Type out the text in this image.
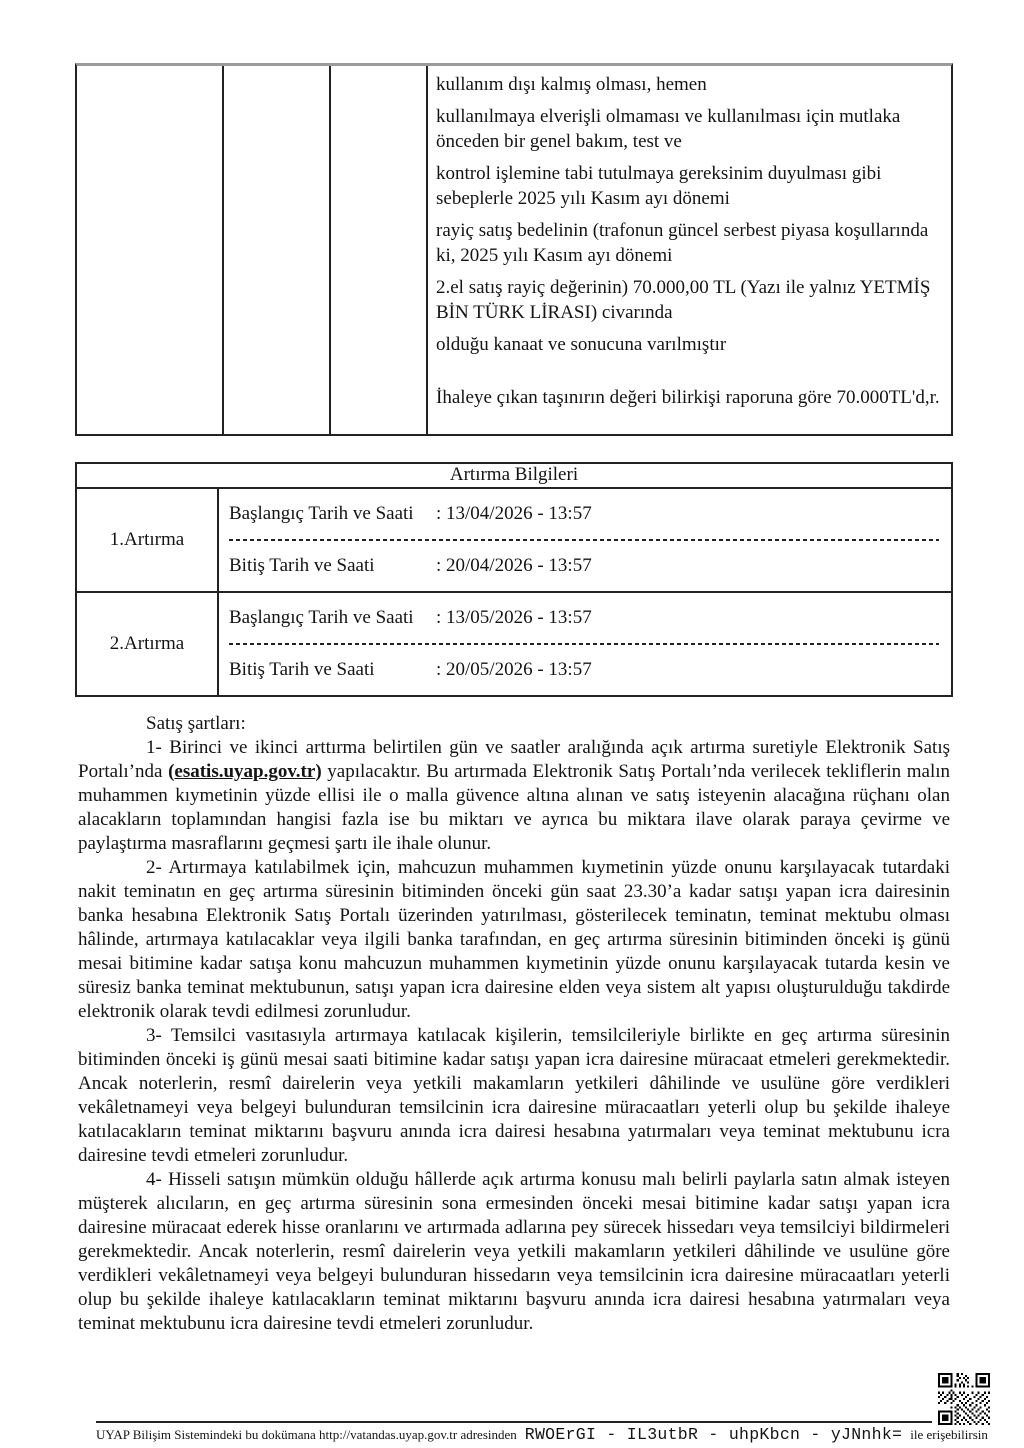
kullanım dışı kalmış olması, hemen

kullanılmaya elverişli olmaması ve kullanılması için mutlaka önceden bir genel bakım, test ve

kontrol işlemine tabi tutulmaya gereksinim duyulması gibi sebeplerle 2025 yılı Kasım ayı dönemi

rayiç satış bedelinin (trafonun güncel serbest piyasa koşullarında ki, 2025 yılı Kasım ayı dönemi

2.el satış rayiç değerinin) 70.000,00 TL (Yazı ile yalnız YETMİŞ BİN TÜRK LİRASI) civarında

olduğu kanaat ve sonucuna varılmıştır

İhaleye çıkan taşınırın değeri bilirkişi raporuna göre 70.000TL'd,r.

Artırma Bilgileri
1.Artırma
Başlangıç Tarih ve Saati : 13/04/2026 - 13:57
Bitiş Tarih ve Saati	: 20/04/2026 - 13:57
2.Artırma
Başlangıç Tarih ve Saati : 13/05/2026 - 13:57
Bitiş Tarih ve Saati	: 20/05/2026 - 13:57

Satış şartları:

1- Birinci ve ikinci arttırma belirtilen gün ve saatler aralığında açık artırma suretiyle Elektronik Satış Portalı’nda (esatis.uyap.gov.tr) yapılacaktır. Bu artırmada Elektronik Satış Portalı’nda verilecek tekliflerin malın muhammen kıymetinin yüzde ellisi ile o malla güvence altına alınan ve satış isteyenin alacağına rüçhanı olan alacakların toplamından hangisi fazla ise bu miktarı ve ayrıca bu miktara ilave olarak paraya çevirme ve paylaştırma masraflarını geçmesi şartı ile ihale olunur.

2- Artırmaya katılabilmek için, mahcuzun muhammen kıymetinin yüzde onunu karşılayacak tutardaki nakit teminatın en geç artırma süresinin bitiminden önceki gün saat 23.30’a kadar satışı yapan icra dairesinin banka hesabına Elektronik Satış Portalı üzerinden yatırılması, gösterilecek teminatın, teminat mektubu olması hâlinde, artırmaya katılacaklar veya ilgili banka tarafından, en geç artırma süresinin bitiminden önceki iş günü mesai bitimine kadar satışa konu mahcuzun muhammen kıymetinin yüzde onunu karşılayacak tutarda kesin ve süresiz banka teminat mektubunun, satışı yapan icra dairesine elden veya sistem alt yapısı oluşturulduğu takdirde elektronik olarak tevdi edilmesi zorunludur.

3- Temsilci vasıtasıyla artırmaya katılacak kişilerin, temsilcileriyle birlikte en geç artırma süresinin bitiminden önceki iş günü mesai saati bitimine kadar satışı yapan icra dairesine müracaat etmeleri gerekmektedir. Ancak noterlerin, resmî dairelerin veya yetkili makamların yetkileri dâhilinde ve usulüne göre verdikleri vekâletnameyi veya belgeyi bulunduran temsilcinin icra dairesine müracaatları yeterli olup bu şekilde ihaleye katılacakların teminat miktarını başvuru anında icra dairesi hesabına yatırmaları veya teminat mektubunu icra dairesine tevdi etmeleri zorunludur.

4- Hisseli satışın mümkün olduğu hâllerde açık artırma konusu malı belirli paylarla satın almak isteyen müşterek alıcıların, en geç artırma süresinin sona ermesinden önceki mesai bitimine kadar satışı yapan icra dairesine müracaat ederek hisse oranlarını ve artırmada adlarına pey sürecek hissedarı veya temsilciyi bildirmeleri gerekmektedir. Ancak noterlerin, resmî dairelerin veya yetkili makamların yetkileri dâhilinde ve usulüne göre verdikleri vekâletnameyi veya belgeyi bulunduran hissedarın veya temsilcinin icra dairesine müracaatları yeterli olup bu şekilde ihaleye katılacakların teminat miktarını başvuru anında icra dairesi hesabına yatırmaları veya teminat mektubunu icra dairesine tevdi etmeleri zorunludur.

UYAP Bilişim Sistemindeki bu dokümana http://vatandas.uyap.gov.tr adresinden RWOErGI - IL3utbR - uhpKbcn - yJNnhk= ile erişebilirsin
